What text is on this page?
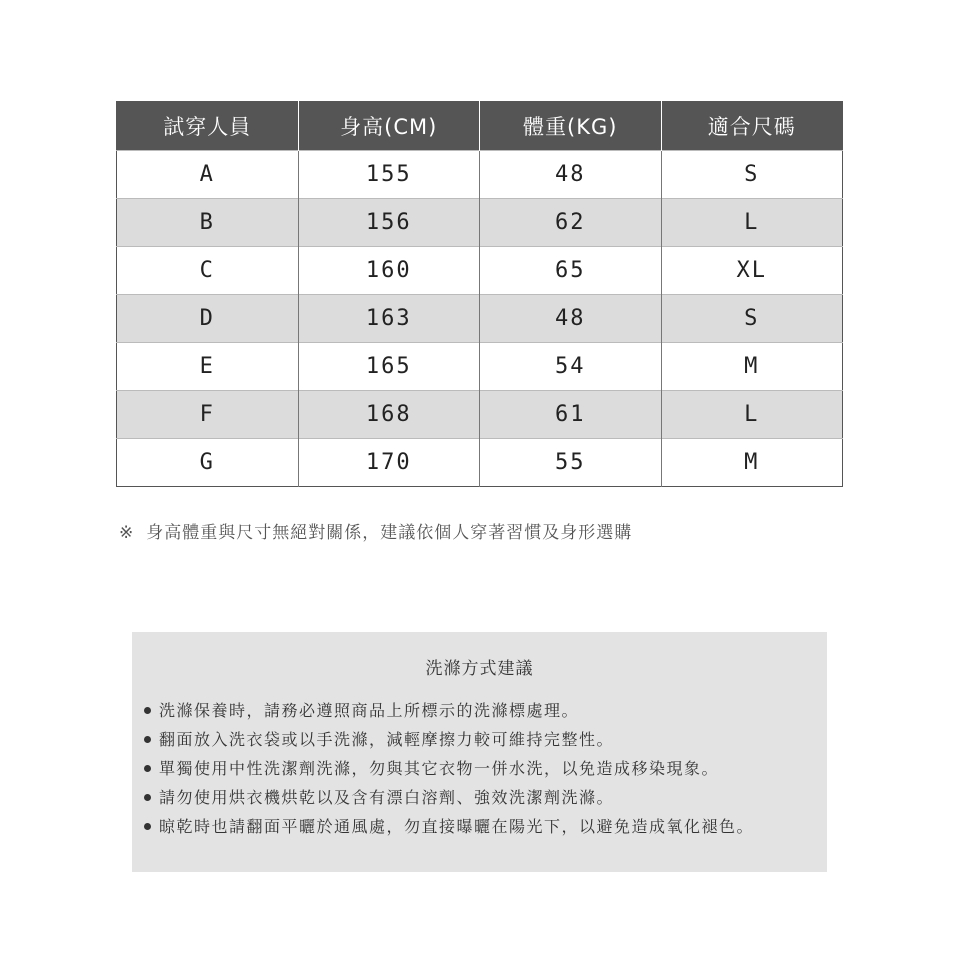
試穿人員	身高(CM)	體重(KG)	適合尺碼
A	155	48	S
B	156	62	L
C	160	65	XL
D	163	48	S
E	165	54	M
F	168	61	L
G	170	55	M
※ 身高體重與尺寸無絕對關係，建議依個人穿著習慣及身形選購
洗滌方式建議
洗滌保養時，請務必遵照商品上所標示的洗滌標處理。
翻面放入洗衣袋或以手洗滌，減輕摩擦力較可維持完整性。
單獨使用中性洗潔劑洗滌，勿與其它衣物一併水洗，以免造成移染現象。
請勿使用烘衣機烘乾以及含有漂白溶劑、強效洗潔劑洗滌。
晾乾時也請翻面平曬於通風處，勿直接曝曬在陽光下，以避免造成氧化褪色。
